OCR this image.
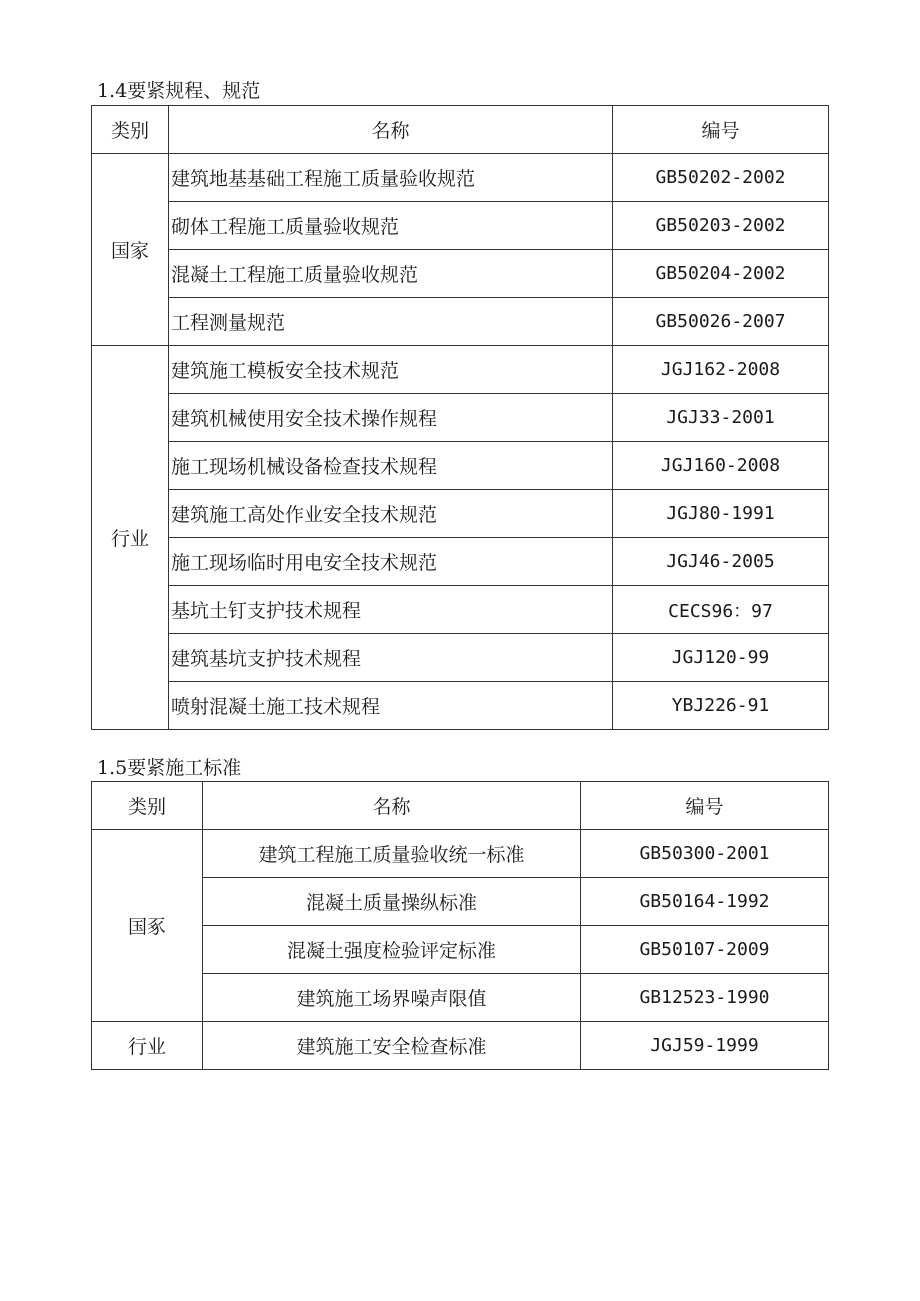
1.4要紧规程、规范
类别	名称	编号
国家	建筑地基基础工程施工质量验收规范	GB50202-2002
	砌体工程施工质量验收规范	GB50203-2002
	混凝土工程施工质量验收规范	GB50204-2002
	工程测量规范	GB50026-2007
行业	建筑施工模板安全技术规范	JGJ162-2008
	建筑机械使用安全技术操作规程	JGJ33-2001
	施工现场机械设备检查技术规程	JGJ160-2008
	建筑施工高处作业安全技术规范	JGJ80-1991
	施工现场临时用电安全技术规范	JGJ46-2005
	基坑土钉支护技术规程	CECS96：97
	建筑基坑支护技术规程	JGJ120-99
	喷射混凝土施工技术规程	YBJ226-91
1.5要紧施工标准
类别	名称	编号
国豖	建筑工程施工质量验收统一标准	GB50300-2001
	混凝土质量操纵标准	GB50164-1992
	混凝土强度检验评定标准	GB50107-2009
	建筑施工场界噪声限值	GB12523-1990
行业	建筑施工安全检查标准	JGJ59-1999
